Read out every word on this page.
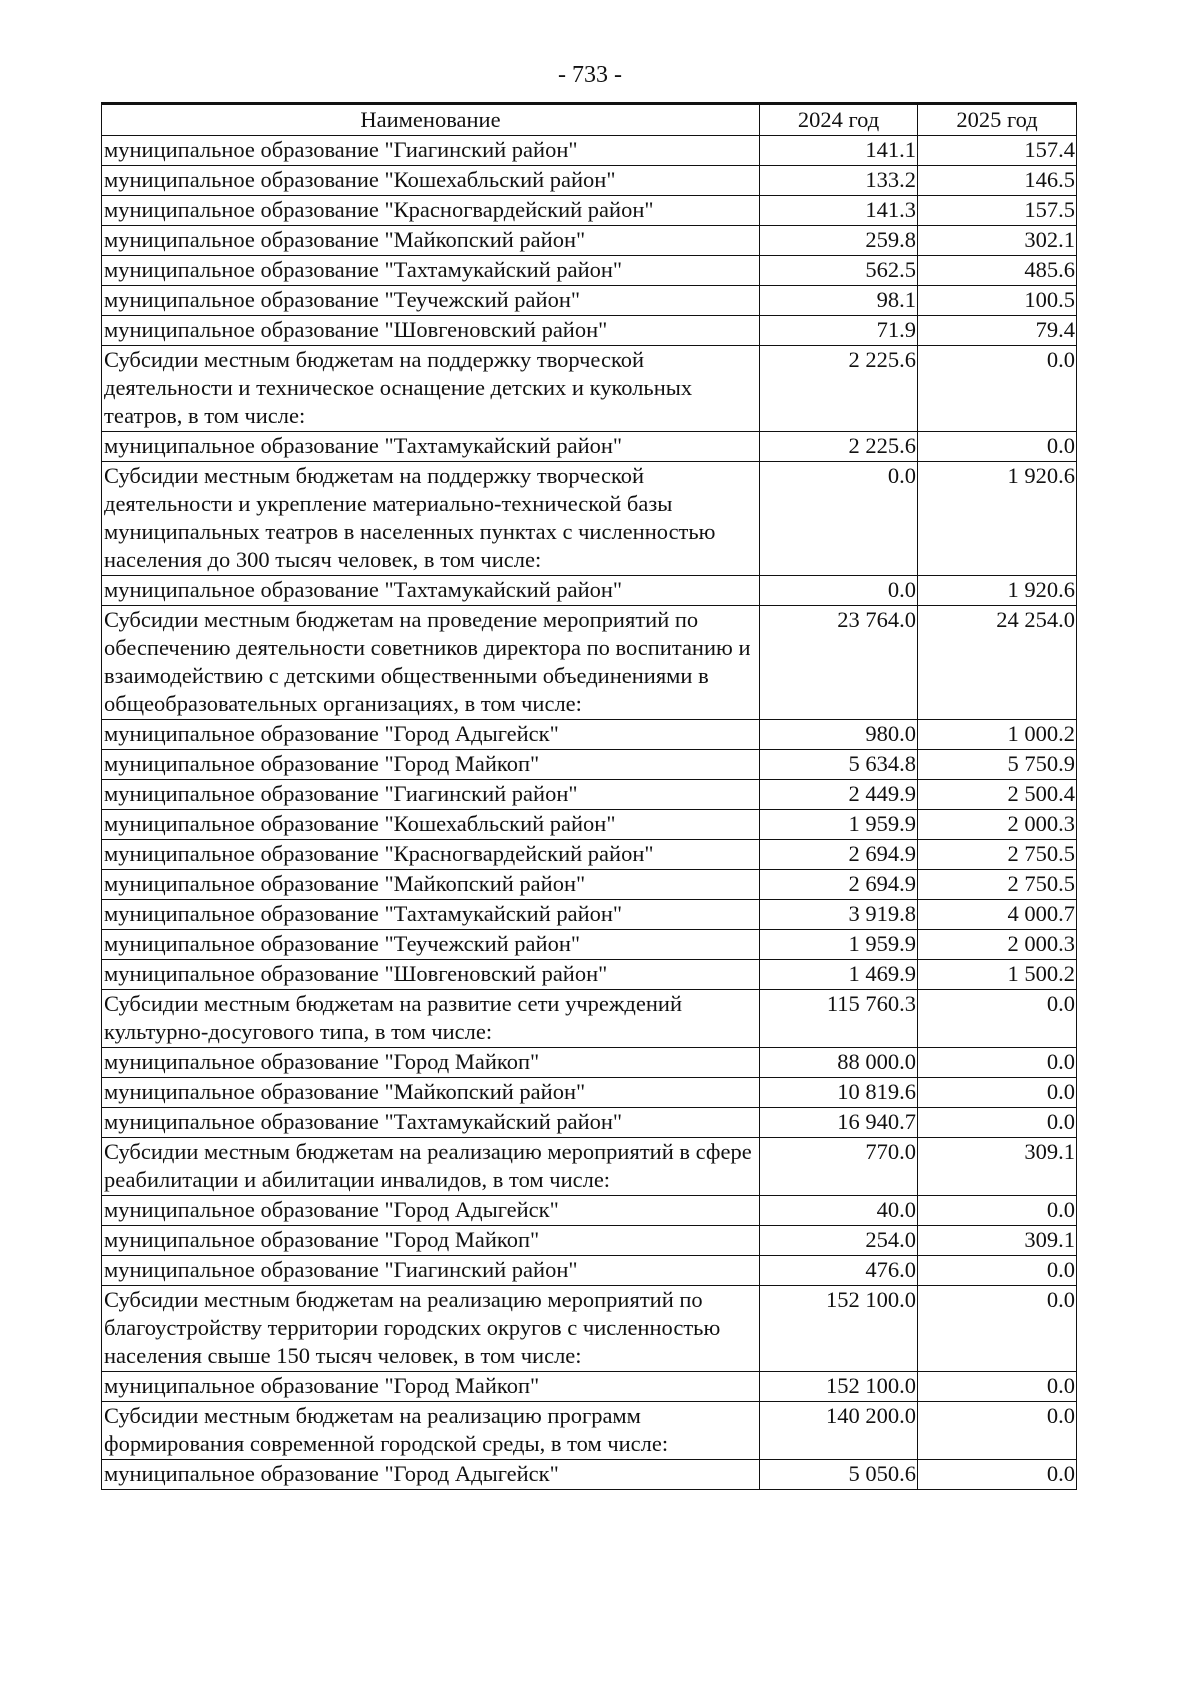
- 733 -
Наименование	2024 год	2025 год
муниципальное образование "Гиагинский район"	141.1	157.4
муниципальное образование "Кошехабльский район"	133.2	146.5
муниципальное образование "Красногвардейский район"	141.3	157.5
муниципальное образование "Майкопский район"	259.8	302.1
муниципальное образование "Тахтамукайский район"	562.5	485.6
муниципальное образование "Теучежский район"	98.1	100.5
муниципальное образование "Шовгеновский район"	71.9	79.4
Субсидии местным бюджетам на поддержку творческой деятельности и техническое оснащение детских и кукольных театров, в том числе:	2 225.6	0.0
муниципальное образование "Тахтамукайский район"	2 225.6	0.0
Субсидии местным бюджетам на поддержку творческой деятельности и укрепление материально-технической базы муниципальных театров в населенных пунктах с численностью населения до 300 тысяч человек, в том числе:	0.0	1 920.6
муниципальное образование "Тахтамукайский район"	0.0	1 920.6
Субсидии местным бюджетам на проведение мероприятий по обеспечению деятельности советников директора по воспитанию и взаимодействию с детскими общественными объединениями в общеобразовательных организациях, в том числе:	23 764.0	24 254.0
муниципальное образование "Город Адыгейск"	980.0	1 000.2
муниципальное образование "Город Майкоп"	5 634.8	5 750.9
муниципальное образование "Гиагинский район"	2 449.9	2 500.4
муниципальное образование "Кошехабльский район"	1 959.9	2 000.3
муниципальное образование "Красногвардейский район"	2 694.9	2 750.5
муниципальное образование "Майкопский район"	2 694.9	2 750.5
муниципальное образование "Тахтамукайский район"	3 919.8	4 000.7
муниципальное образование "Теучежский район"	1 959.9	2 000.3
муниципальное образование "Шовгеновский район"	1 469.9	1 500.2
Субсидии местным бюджетам на развитие сети учреждений культурно-досугового типа, в том числе:	115 760.3	0.0
муниципальное образование "Город Майкоп"	88 000.0	0.0
муниципальное образование "Майкопский район"	10 819.6	0.0
муниципальное образование "Тахтамукайский район"	16 940.7	0.0
Субсидии местным бюджетам на реализацию мероприятий в сфере реабилитации и абилитации инвалидов, в том числе:	770.0	309.1
муниципальное образование "Город Адыгейск"	40.0	0.0
муниципальное образование "Город Майкоп"	254.0	309.1
муниципальное образование "Гиагинский район"	476.0	0.0
Субсидии местным бюджетам на реализацию мероприятий по благоустройству территории городских округов с численностью населения свыше 150 тысяч человек, в том числе:	152 100.0	0.0
муниципальное образование "Город Майкоп"	152 100.0	0.0
Субсидии местным бюджетам на реализацию программ формирования современной городской среды, в том числе:	140 200.0	0.0
муниципальное образование "Город Адыгейск"	5 050.6	0.0
